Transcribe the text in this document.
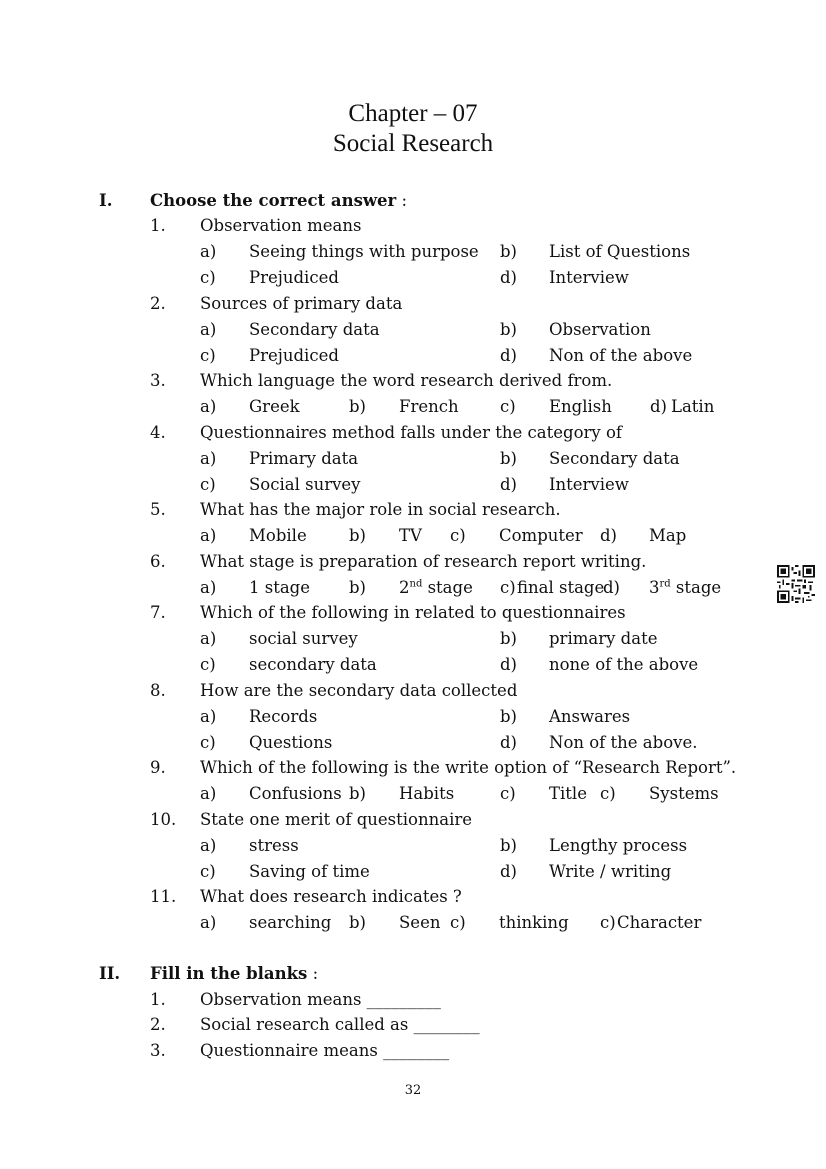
Chapter – 07
Social Research
I. Choose the correct answer :
1. Observation means
a) Seeing things with purpose b) List of Questions
c) Prejudiced	d) Interview
2. Sources of primary data
a) Secondary data	b) Observation
c) Prejudiced	d) Non of the above
3. Which language the word research derived from.
a) Greek	b) French	c) English d) Latin
4. Questionnaires method falls under the category of
a) Primary data	b) Secondary data
c) Social survey	d) Interview
5. What has the major role in social research.
a) Mobile	b) TV c) Computer d) Map
6. What stage is preparation of research report writing.
a) 1 stage b) 2nd stage c) final stage
d) 3rd stage
7. Which of the following in related to questionnaires
a) social survey	b) primary date
c) secondary data	d) none of the above
8. How are the secondary data collected
a) Records	b) Answares
c) Questions	d) Non of the above.
9. Which of the following is the write option of “Research Report”.
a) Confusions b) Habits	c) Title c) Systems
10. State one merit of questionnaire
a) stress	b) Lengthy process
c) Saving of time	d) Write / writing
11. What does research indicates ?
a) searching b) Seen c) thinking c) Character
II. Fill in the blanks :
1. Observation means _________
2. Social research called as ________
3. Questionnaire means ________
32
